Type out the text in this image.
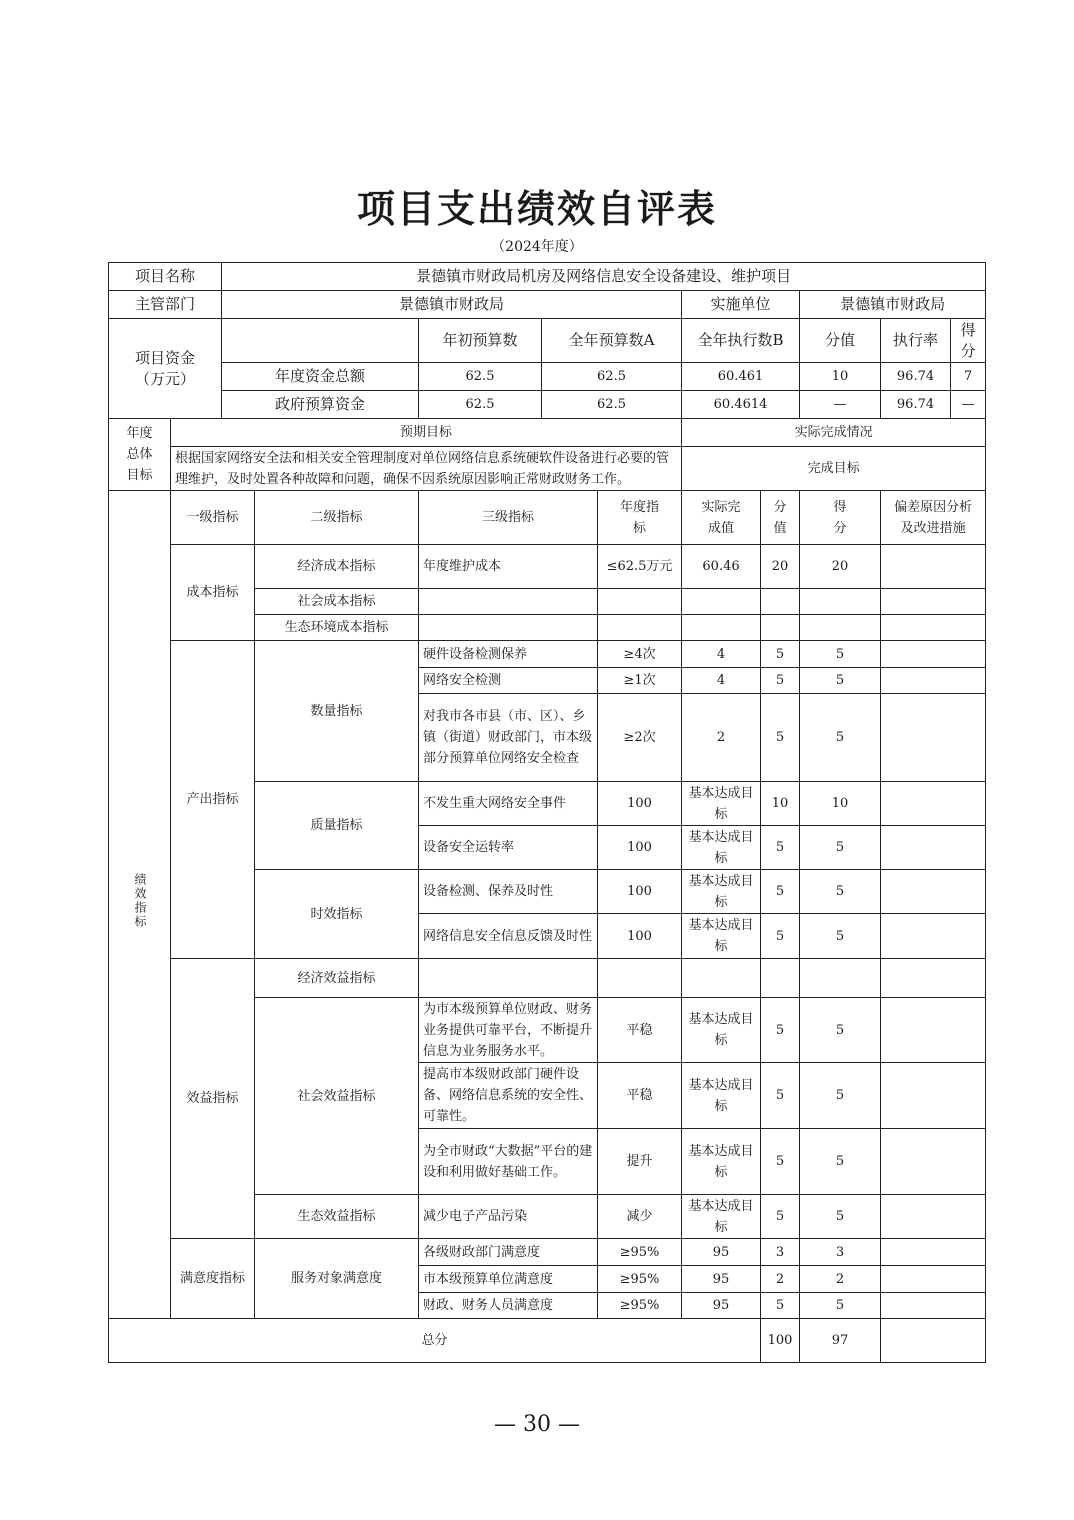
项目支出绩效自评表
（2024年度）
项目名称		景德镇市财政局机房及网络信息安全设备建设、维护项目									
主管部门		景德镇市财政局					实施单位		景德镇市财政局		
项目资金（万元）				年初预算数	全年预算数A		全年执行数B		分值	执行率	得分
		年度资金总额		62.5	62.5		60.461		10	96.74	7
		政府预算资金		62.5	62.5		60.4614		—	96.74	—
年度总体目标	预期目标						实际完成情况				
	根据国家网络安全法和相关安全管理制度对单位网络信息系统硬软件设备进行必要的管理维护，及时处置各种故障和问题，确保不因系统原因影响正常财政财务工作。						完成目标				
绩效指标	一级指标		二级指标	三级指标		年度指标	实际完成值	分值	得分	偏差原因分析及改进措施	
	成本指标		经济成本指标	年度维护成本		≤62.5万元	60.46	20	20		
			社会成本指标								
			生态环境成本指标								
	产出指标		数量指标	硬件设备检测保养		≥4次	4	5	5		
				网络安全检测		≥1次	4	5	5		
				对我市各市县（市、区）、乡镇（街道）财政部门，市本级部分预算单位网络安全检查		≥2次	2	5	5		
			质量指标	不发生重大网络安全事件		100	基本达成目标	10	10		
				设备安全运转率		100	基本达成目标	5	5		
			时效指标	设备检测、保养及时性		100	基本达成目标	5	5		
				网络信息安全信息反馈及时性		100	基本达成目标	5	5		
	效益指标		经济效益指标								
			社会效益指标	为市本级预算单位财政、财务业务提供可靠平台，不断提升信息为业务服务水平。		平稳	基本达成目标	5	5		
				提高市本级财政部门硬件设备、网络信息系统的安全性、可靠性。		平稳	基本达成目标	5	5		
				为全市财政“大数据”平台的建设和利用做好基础工作。		提升	基本达成目标	5	5		
			生态效益指标	减少电子产品污染		减少	基本达成目标	5	5		
	满意度指标		服务对象满意度	各级财政部门满意度		≥95%	95	3	3		
				市本级预算单位满意度		≥95%	95	2	2		
				财政、财务人员满意度		≥95%	95	5	5		
总分								100	97		
— 30 —
